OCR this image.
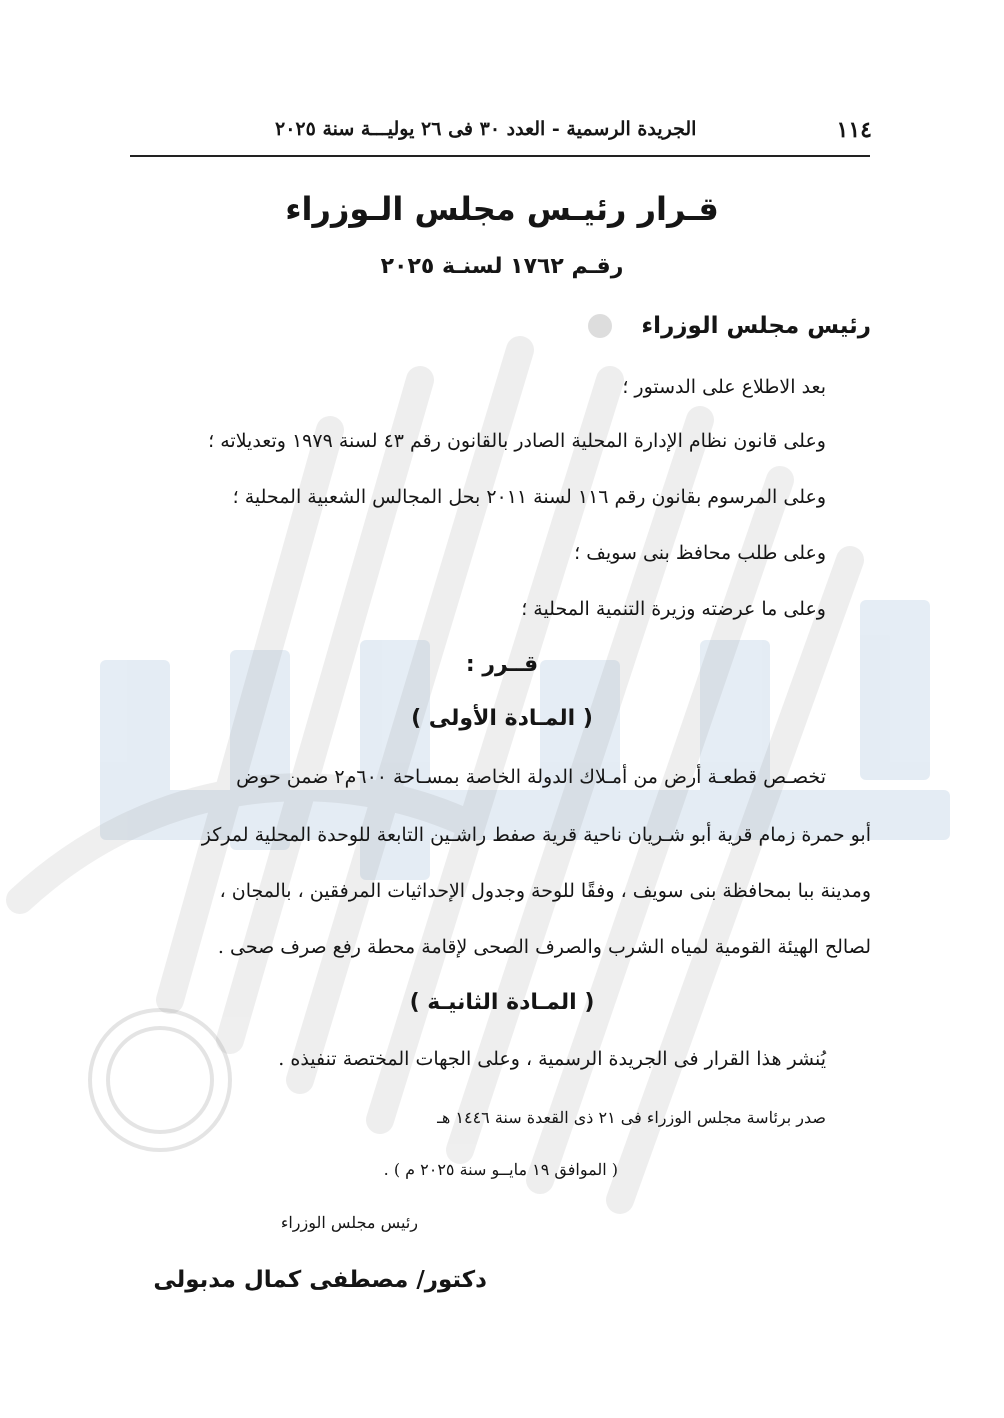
١١٤
الجريدة الرسمية - العدد ٣٠ فى ٢٦ يوليـــة سنة ٢٠٢٥
قـرار رئيـس مجلس الـوزراء
رقـم ١٧٦٢ لسنـة ٢٠٢٥
رئيس مجلس الوزراء
بعد الاطلاع على الدستور ؛
وعلى قانون نظام الإدارة المحلية الصادر بالقانون رقم ٤٣ لسنة ١٩٧٩ وتعديلاته ؛
وعلى المرسوم بقانون رقم ١١٦ لسنة ٢٠١١ بحل المجالس الشعبية المحلية ؛
وعلى طلب محافظ بنى سويف ؛
وعلى ما عرضته وزيرة التنمية المحلية ؛
قــرر :
( المـادة الأولى )
تخصـص قطعـة أرض من أمـلاك الدولة الخاصة بمسـاحة ٦٠٠م٢ ضمن حوض
أبو حمرة زمام قرية أبو شـريان ناحية قرية صفط راشـين التابعة للوحدة المحلية لمركز
ومدينة ببا بمحافظة بنى سويف ، وفقًا للوحة وجدول الإحداثيات المرفقين ، بالمجان ،
لصالح الهيئة القومية لمياه الشرب والصرف الصحى لإقامة محطة رفع صرف صحى .
( المـادة الثانيـة )
يُنشر هذا القرار فى الجريدة الرسمية ، وعلى الجهات المختصة تنفيذه .
صدر برئاسة مجلس الوزراء فى ٢١ ذى القعدة سنة ١٤٤٦ هـ
( الموافق ١٩ مايــو سنة ٢٠٢٥ م ) .
رئيس مجلس الوزراء
دكتور/ مصطفى كمال مدبولى
